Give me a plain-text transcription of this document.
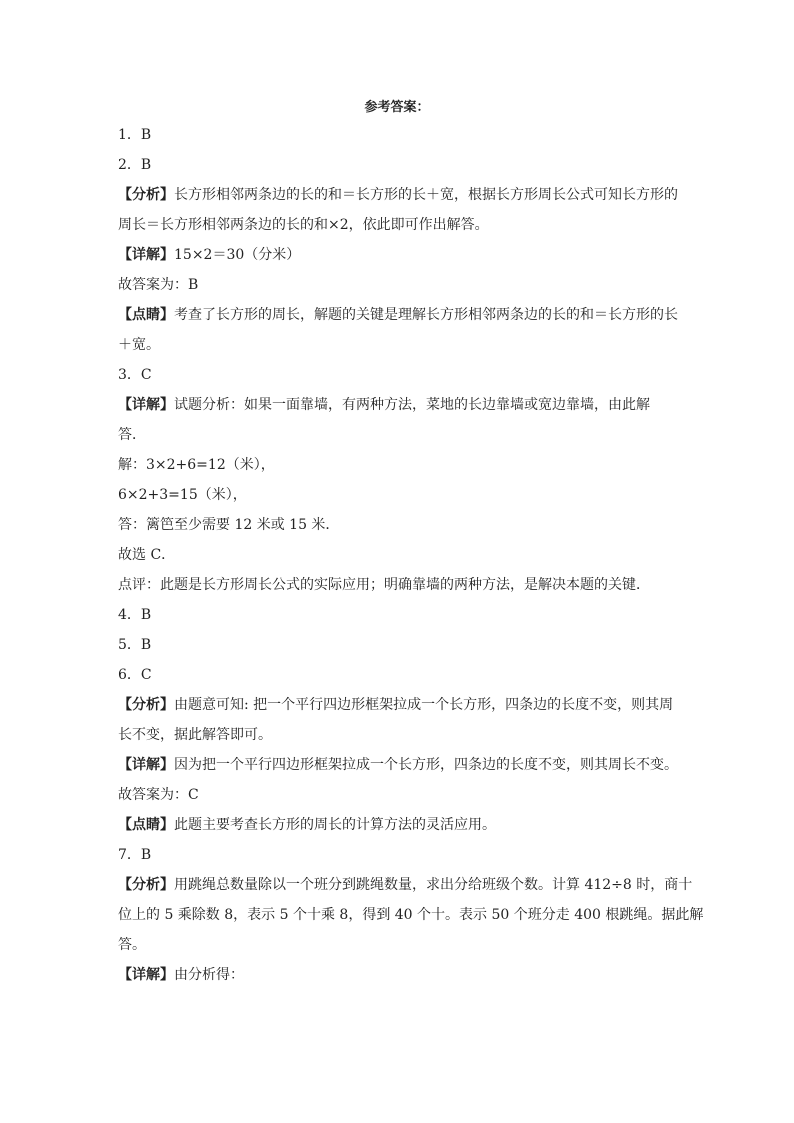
参考答案：
1．B
2．B
【分析】长方形相邻两条边的长的和＝长方形的长＋宽，根据长方形周长公式可知长方形的
周长＝长方形相邻两条边的长的和×2，依此即可作出解答。
【详解】15×2＝30（分米）
故答案为：B
【点睛】考查了长方形的周长，解题的关键是理解长方形相邻两条边的长的和＝长方形的长
＋宽。
3．C
【详解】试题分析：如果一面靠墙，有两种方法，菜地的长边靠墙或宽边靠墙，由此解
答．
解：3×2+6=12（米），
6×2+3=15（米），
答：篱笆至少需要 12 米或 15 米．
故选 C．
点评：此题是长方形周长公式的实际应用；明确靠墙的两种方法，是解决本题的关键．
4．B
5．B
6．C
【分析】由题意可知: 把一个平行四边形框架拉成一个长方形，四条边的长度不变，则其周
长不变，据此解答即可。
【详解】因为把一个平行四边形框架拉成一个长方形，四条边的长度不变，则其周长不变。
故答案为：C
【点睛】此题主要考查长方形的周长的计算方法的灵活应用。
7．B
【分析】用跳绳总数量除以一个班分到跳绳数量，求出分给班级个数。计算 412÷8 时，商十
位上的 5 乘除数 8，表示 5 个十乘 8，得到 40 个十。表示 50 个班分走 400 根跳绳。据此解
答。
【详解】由分析得：
